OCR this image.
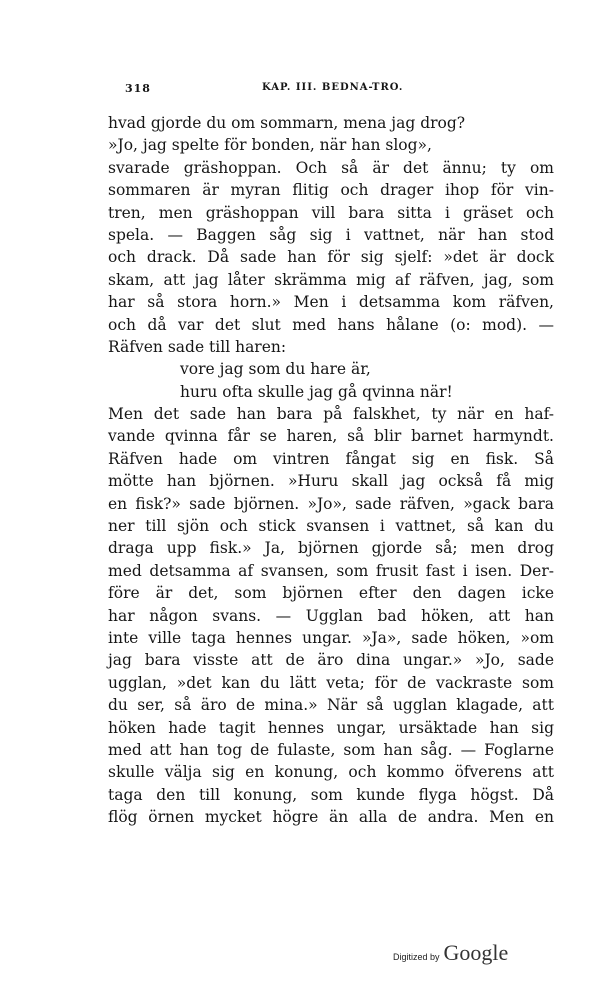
318	KAP. III. BEDNA-TRO.
hvad gjorde du om sommarn, mena jag drog?
»Jo, jag spelte för bonden, när han slog»,
svarade gräshoppan. Och så är det ännu; ty om
sommaren är myran flitig och drager ihop för vin-
tren, men gräshoppan vill bara sitta i gräset och
spela. — Baggen såg sig i vattnet, när han stod
och drack. Då sade han för sig sjelf: »det är dock
skam, att jag låter skrämma mig af räfven, jag, som
har så stora horn.» Men i detsamma kom räfven,
och då var det slut med hans hålane (o: mod). —
Räfven sade till haren:
vore jag som du hare är,
huru ofta skulle jag gå qvinna när!
Men det sade han bara på falskhet, ty när en haf-
vande qvinna får se haren, så blir barnet harmyndt.
Räfven hade om vintren fångat sig en fisk. Så
mötte han björnen. »Huru skall jag också få mig
en fisk?» sade björnen. »Jo», sade räfven, »gack bara
ner till sjön och stick svansen i vattnet, så kan du
draga upp fisk.» Ja, björnen gjorde så; men drog
med detsamma af svansen, som frusit fast i isen. Der-
före är det, som björnen efter den dagen icke
har någon svans. — Ugglan bad höken, att han
inte ville taga hennes ungar. »Ja», sade höken, »om
jag bara visste att de äro dina ungar.» »Jo, sade
ugglan, »det kan du lätt veta; för de vackraste som
du ser, så äro de mina.» När så ugglan klagade, att
höken hade tagit hennes ungar, ursäktade han sig
med att han tog de fulaste, som han såg. — Foglarne
skulle välja sig en konung, och kommo öfverens att
taga den till konung, som kunde flyga högst. Då
flög örnen mycket högre än alla de andra. Men en
Digitized by Google
